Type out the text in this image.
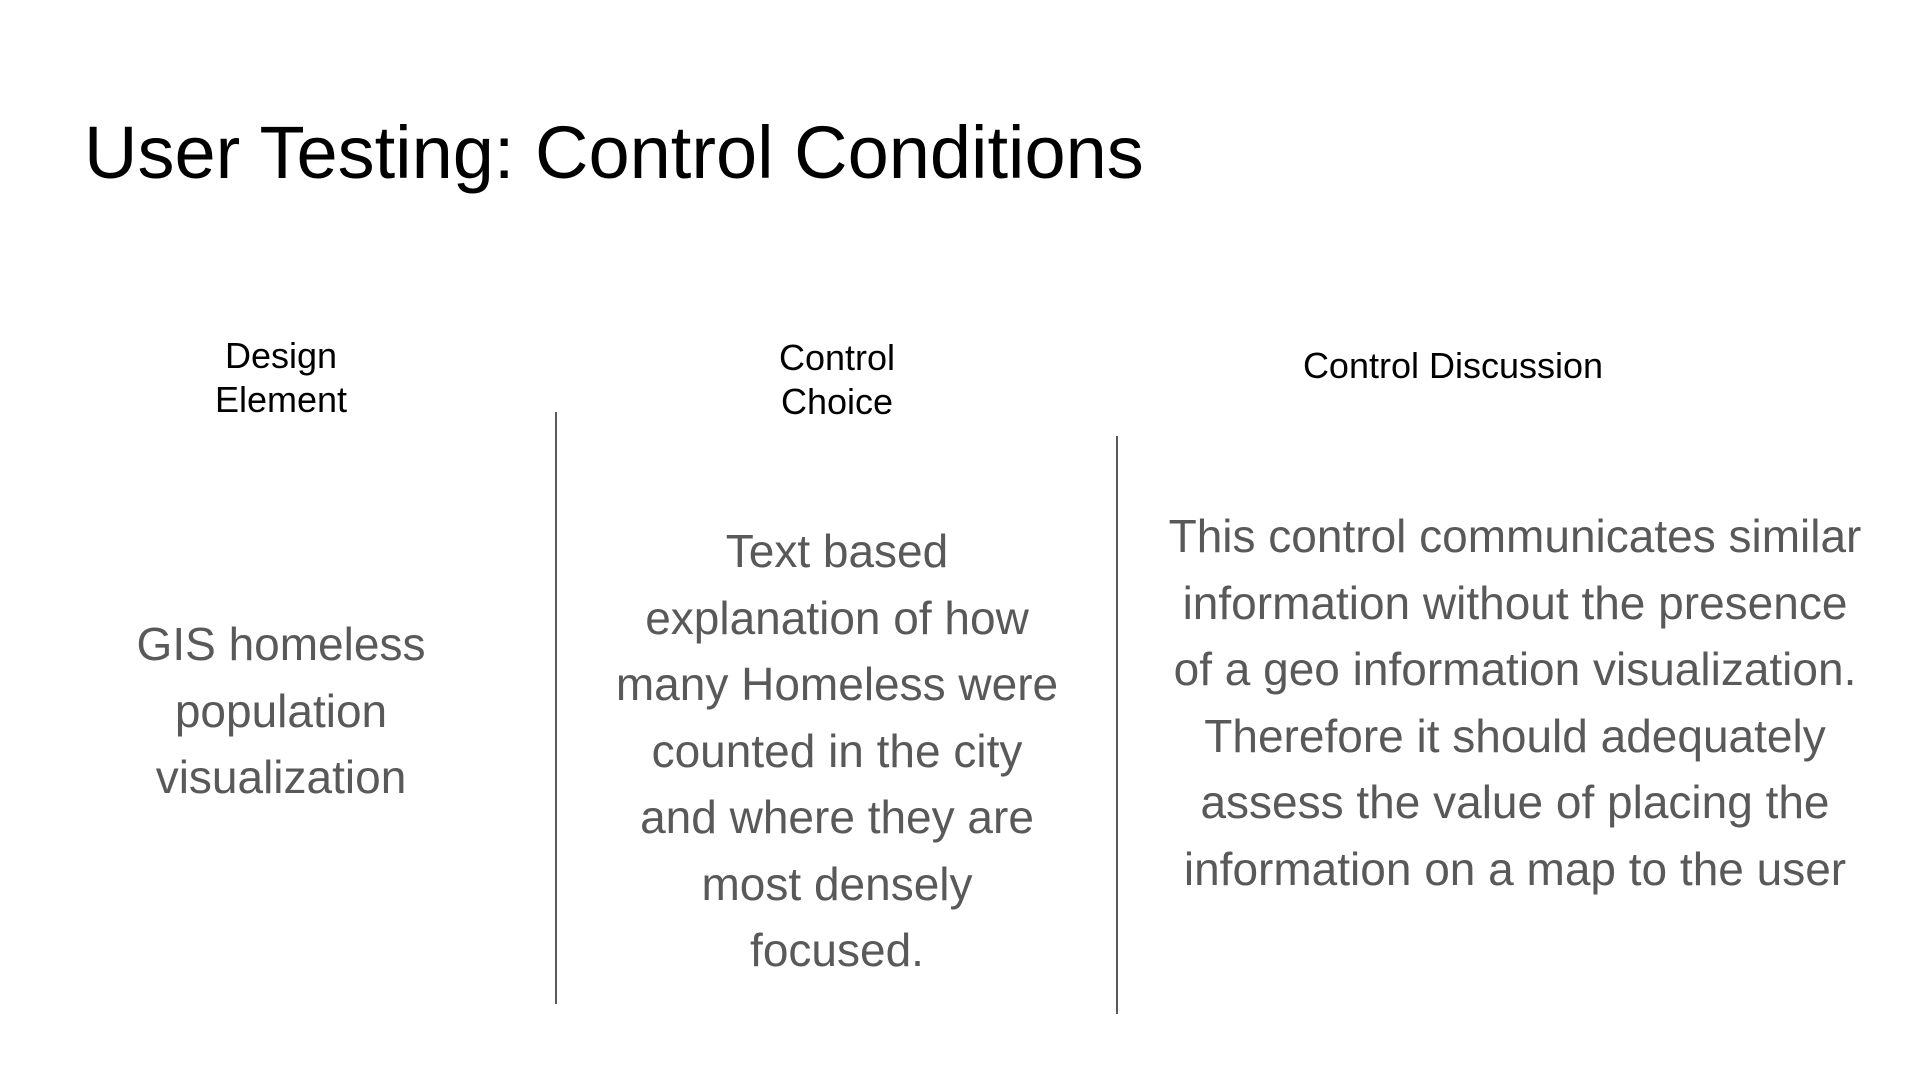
User Testing: Control Conditions
Design
Element

GIS homeless population visualization

Control
Choice

Text based explanation of how many Homeless were counted in the city and where they are most densely focused.

Control Discussion

This control communicates similar information without the presence of a geo information visualization. Therefore it should adequately assess the value of placing the information on a map to the user
